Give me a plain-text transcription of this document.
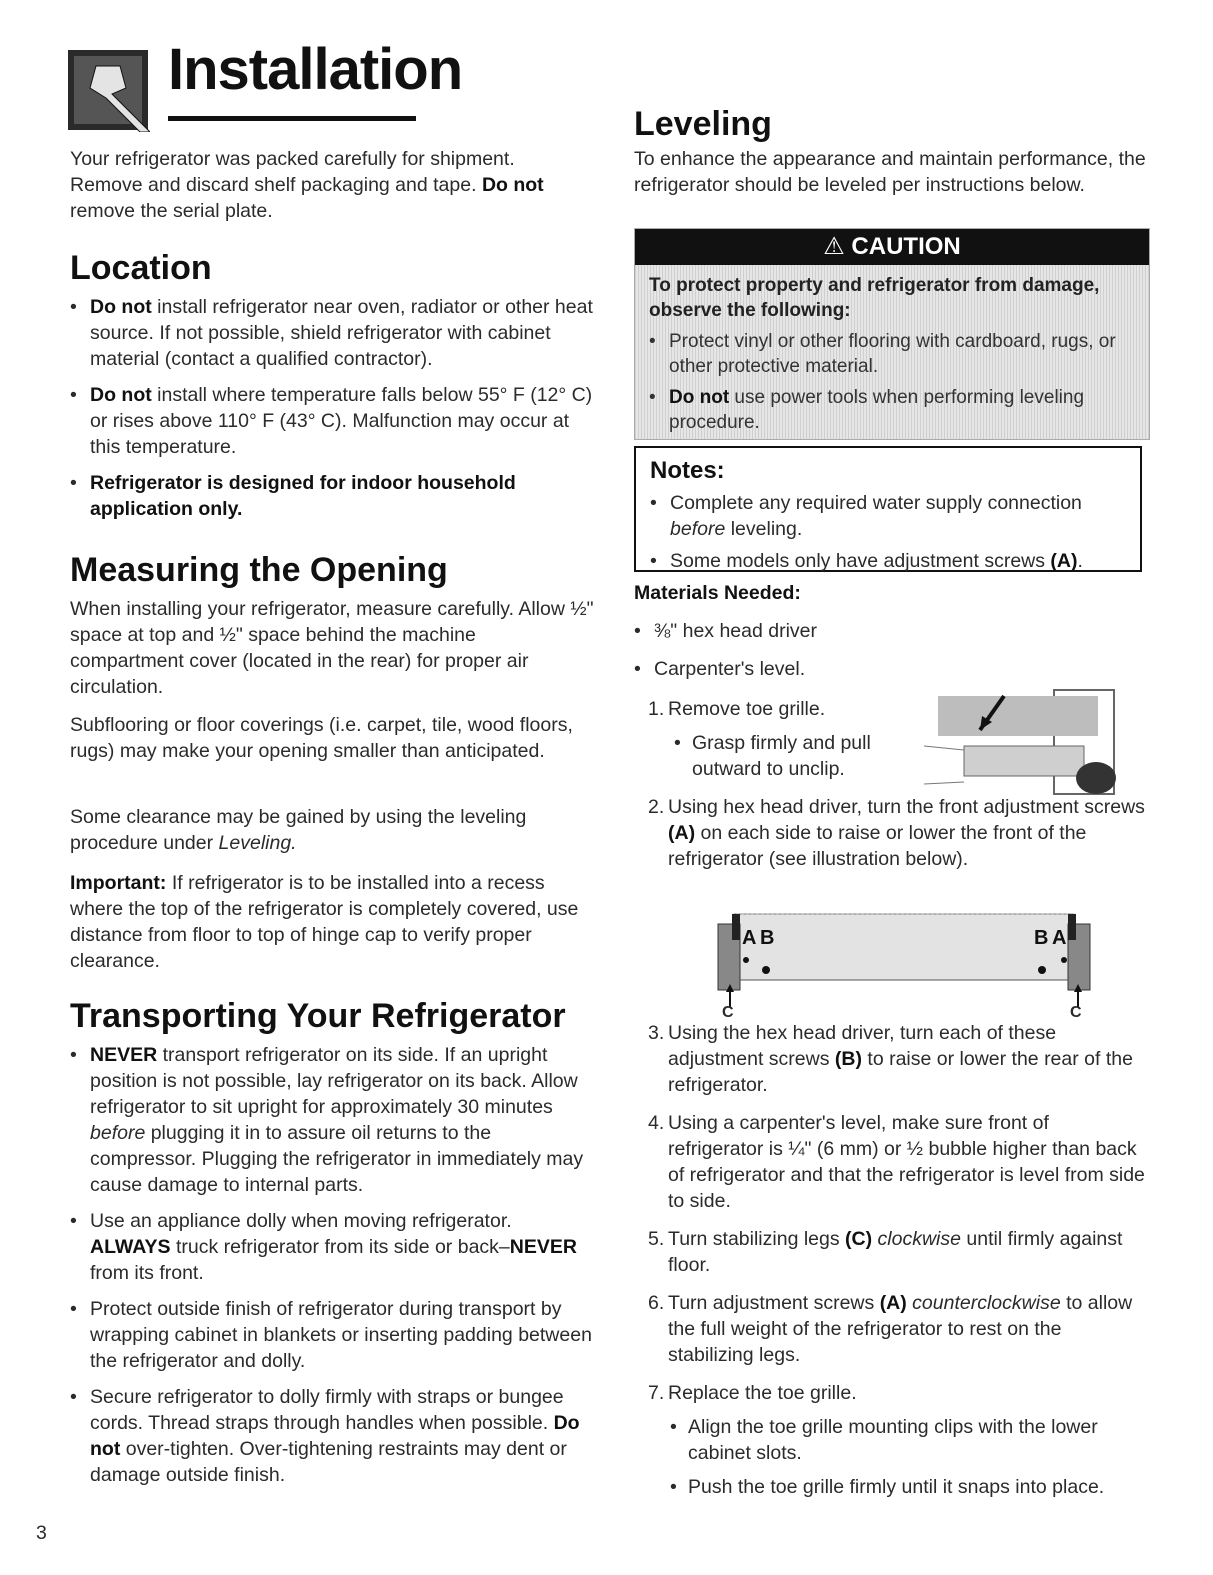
Installation

Your refrigerator was packed carefully for shipment. Remove and discard shelf packaging and tape. Do not remove the serial plate.

Location
• Do not install refrigerator near oven, radiator or other heat source. If not possible, shield refrigerator with cabinet material (contact a qualified contractor).
• Do not install where temperature falls below 55° F (12° C) or rises above 110° F (43° C). Malfunction may occur at this temperature.
• Refrigerator is designed for indoor household application only.
Measuring the Opening

When installing your refrigerator, measure carefully. Allow ½" space at top and ½" space behind the machine compartment cover (located in the rear) for proper air circulation.

Subflooring or floor coverings (i.e. carpet, tile, wood floors, rugs) may make your opening smaller than anticipated.

Some clearance may be gained by using the leveling procedure under Leveling.

Important: If refrigerator is to be installed into a recess where the top of the refrigerator is completely covered, use distance from floor to top of hinge cap to verify proper clearance.

Transporting Your Refrigerator
• NEVER transport refrigerator on its side. If an upright position is not possible, lay refrigerator on its back. Allow refrigerator to sit upright for approximately 30 minutes before plugging it in to assure oil returns to the compressor. Plugging the refrigerator in immediately may cause damage to internal parts.
• Use an appliance dolly when moving refrigerator. ALWAYS truck refrigerator from its side or back–NEVER from its front.
• Protect outside finish of refrigerator during transport by wrapping cabinet in blankets or inserting padding between the refrigerator and dolly.
• Secure refrigerator to dolly firmly with straps or bungee cords. Thread straps through handles when possible. Do not over-tighten. Over-tightening restraints may dent or damage outside finish.
Leveling

To enhance the appearance and maintain performance, the refrigerator should be leveled per instructions below.

⚠ CAUTION

To protect property and refrigerator from damage, observe the following:

• Protect vinyl or other flooring with cardboard, rugs, or other protective material.
• Do not use power tools when performing leveling procedure.
Notes:
• Complete any required water supply connection before leveling.
• Some models only have adjustment screws (A).
Materials Needed:
• ⅜" hex head driver
• Carpenter's level.
1. Remove toe grille.
• Grasp firmly and pull outward to unclip.
2. Using hex head driver, turn the front adjustment screws (A) on each side to raise or lower the front of the refrigerator (see illustration below).
A B	B A
C	C
3. Using the hex head driver, turn each of these adjustment screws (B) to raise or lower the rear of the refrigerator.
4. Using a carpenter's level, make sure front of refrigerator is ¼" (6 mm) or ½ bubble higher than back of refrigerator and that the refrigerator is level from side to side.
5. Turn stabilizing legs (C) clockwise until firmly against floor.
6. Turn adjustment screws (A) counterclockwise to allow the full weight of the refrigerator to rest on the stabilizing legs.
7. Replace the toe grille.
• Align the toe grille mounting clips with the lower cabinet slots.
• Push the toe grille firmly until it snaps into place.
3
